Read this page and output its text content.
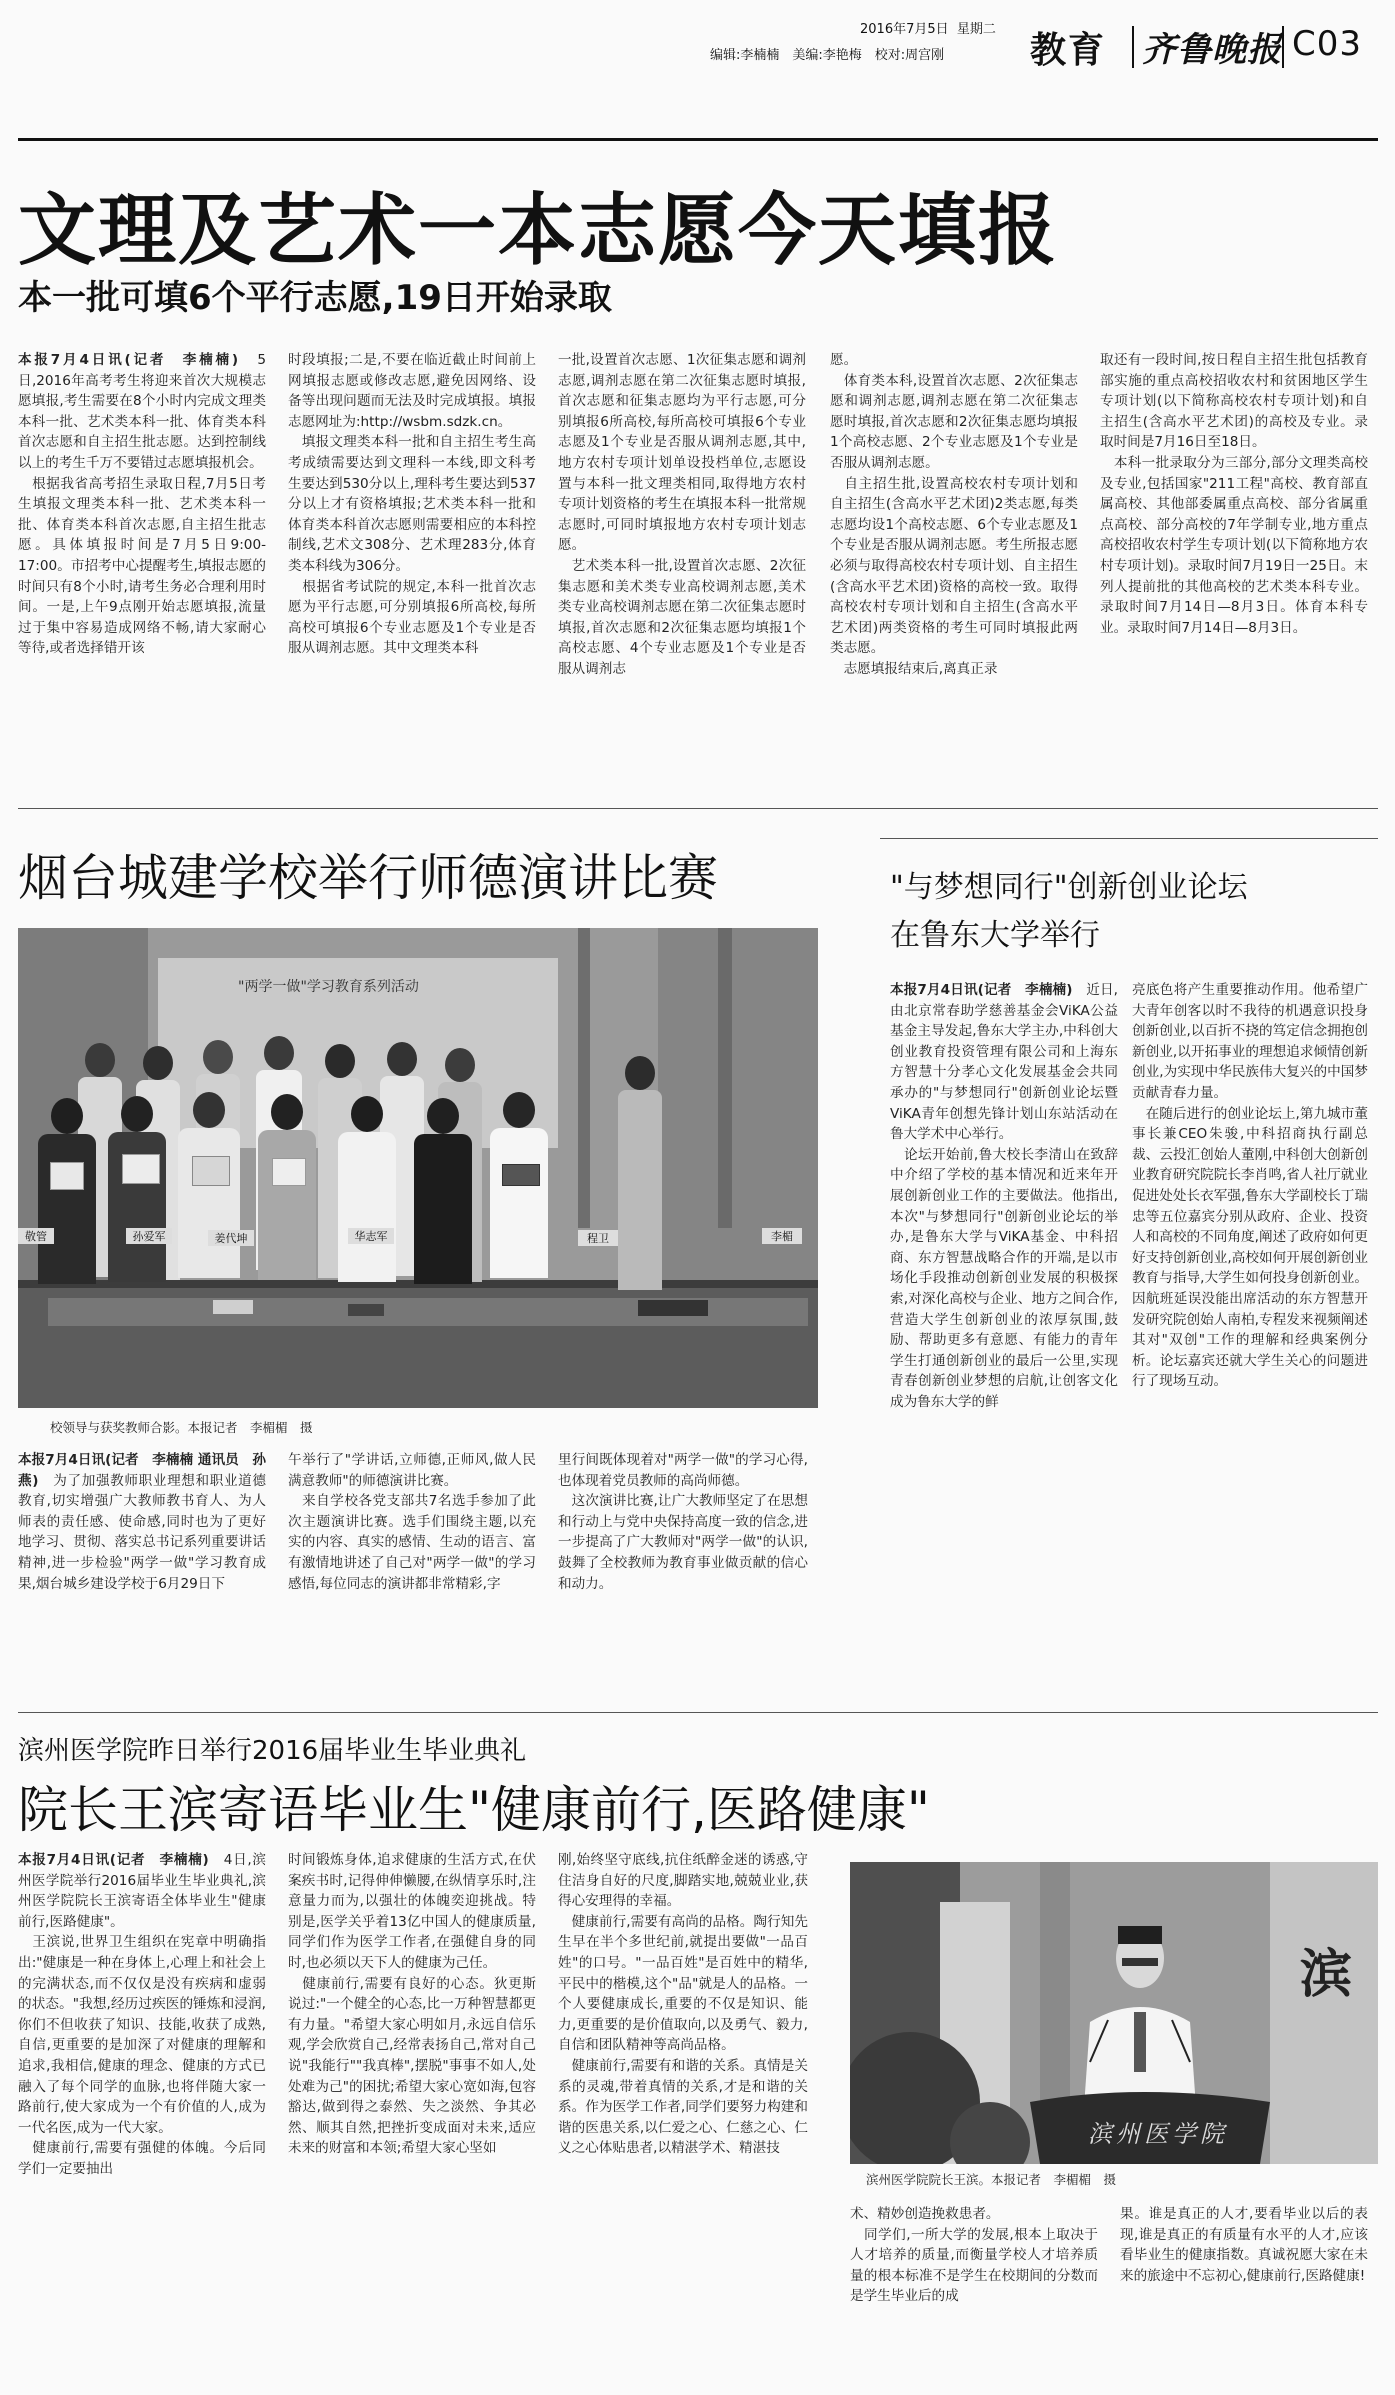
2016年7月5日 星期二
编辑:李楠楠　美编:李艳梅　校对:周宫刚 教育 齐鲁晚报 C03
文理及艺术一本志愿今天填报
本一批可填6个平行志愿,19日开始录取
本报7月4日讯(记者　李楠楠)　5日,2016年高考考生将迎来首次大规模志愿填报,考生需要在8个小时内完成文理类本科一批、艺术类本科一批、体育类本科首次志愿和自主招生批志愿。达到控制线以上的考生千万不要错过志愿填报机会。
　根据我省高考招生录取日程,7月5日考生填报文理类本科一批、艺术类本科一批、体育类本科首次志愿,自主招生批志愿。具体填报时间是7月5日9:00-17:00。市招考中心提醒考生,填报志愿的时间只有8个小时,请考生务必合理利用时间。一是,上午9点刚开始志愿填报,流量过于集中容易造成网络不畅,请大家耐心等待,或者选择错开该
时段填报;二是,不要在临近截止时间前上网填报志愿或修改志愿,避免因网络、设备等出现问题而无法及时完成填报。填报志愿网址为:http://wsbm.sdzk.cn。
　填报文理类本科一批和自主招生考生高考成绩需要达到文理科一本线,即文科考生要达到530分以上,理科考生要达到537分以上才有资格填报;艺术类本科一批和体育类本科首次志愿则需要相应的本科控制线,艺术文308分、艺术理283分,体育类本科线为306分。
　根据省考试院的规定,本科一批首次志愿为平行志愿,可分别填报6所高校,每所高校可填报6个专业志愿及1个专业是否服从调剂志愿。其中文理类本科
一批,设置首次志愿、1次征集志愿和调剂志愿,调剂志愿在第二次征集志愿时填报,首次志愿和征集志愿均为平行志愿,可分别填报6所高校,每所高校可填报6个专业志愿及1个专业是否服从调剂志愿,其中,地方农村专项计划单设投档单位,志愿设置与本科一批文理类相同,取得地方农村专项计划资格的考生在填报本科一批常规志愿时,可同时填报地方农村专项计划志愿。
　艺术类本科一批,设置首次志愿、2次征集志愿和美术类专业高校调剂志愿,美术类专业高校调剂志愿在第二次征集志愿时填报,首次志愿和2次征集志愿均填报1个高校志愿、4个专业志愿及1个专业是否服从调剂志
愿。
　体育类本科,设置首次志愿、2次征集志愿和调剂志愿,调剂志愿在第二次征集志愿时填报,首次志愿和2次征集志愿均填报1个高校志愿、2个专业志愿及1个专业是否服从调剂志愿。
　自主招生批,设置高校农村专项计划和自主招生(含高水平艺术团)2类志愿,每类志愿均设1个高校志愿、6个专业志愿及1个专业是否服从调剂志愿。考生所报志愿必须与取得高校农村专项计划、自主招生(含高水平艺术团)资格的高校一致。取得高校农村专项计划和自主招生(含高水平艺术团)两类资格的考生可同时填报此两类志愿。
　志愿填报结束后,离真正录
取还有一段时间,按日程自主招生批包括教育部实施的重点高校招收农村和贫困地区学生专项计划(以下简称高校农村专项计划)和自主招生(含高水平艺术团)的高校及专业。录取时间是7月16日至18日。
　本科一批录取分为三部分,部分文理类高校及专业,包括国家"211工程"高校、教育部直属高校、其他部委属重点高校、部分省属重点高校、部分高校的7年学制专业,地方重点高校招收农村学生专项计划(以下简称地方农村专项计划)。录取时间7月19日一25日。末列人提前批的其他高校的艺术类本科专业。录取时间7月14日—8月3日。体育本科专业。录取时间7月14日—8月3日。
烟台城建学校举行师德演讲比赛
"两学一做"学习教育系列活动
敬管	孙爱军	姜代坤	华志军	程卫	李楣
校领导与获奖教师合影。本报记者　李楣楣　摄
本报7月4日讯(记者　李楠楠 通讯员　孙燕)　为了加强教师职业理想和职业道德教育,切实增强广大教师教书育人、为人师表的责任感、使命感,同时也为了更好地学习、贯彻、落实总书记系列重要讲话精神,进一步检验"两学一做"学习教育成果,烟台城乡建设学校于6月29日下
午举行了"学讲话,立师德,正师风,做人民满意教师"的师德演讲比赛。
　来自学校各党支部共7名选手参加了此次主题演讲比赛。选手们围绕主题,以充实的内容、真实的感情、生动的语言、富有激情地讲述了自己对"两学一做"的学习感悟,每位同志的演讲都非常精彩,字
里行间既体现着对"两学一做"的学习心得,也体现着党员教师的高尚师德。
　这次演讲比赛,让广大教师坚定了在思想和行动上与党中央保持高度一致的信念,进一步提高了广大教师对"两学一做"的认识,鼓舞了全校教师为教育事业做贡献的信心和动力。
"与梦想同行"创新创业论坛
在鲁东大学举行
本报7月4日讯(记者　李楠楠)　近日,由北京常春助学慈善基金会ViKA公益基金主导发起,鲁东大学主办,中科创大创业教育投资管理有限公司和上海东方智慧十分孝心文化发展基金会共同承办的"与梦想同行"创新创业论坛暨ViKA青年创想先锋计划山东站活动在鲁大学术中心举行。
　论坛开始前,鲁大校长李清山在致辞中介绍了学校的基本情况和近来年开展创新创业工作的主要做法。他指出,本次"与梦想同行"创新创业论坛的举办,是鲁东大学与ViKA基金、中科招商、东方智慧战略合作的开端,是以市场化手段推动创新创业发展的积极探索,对深化高校与企业、地方之间合作,营造大学生创新创业的浓厚氛围,鼓励、帮助更多有意愿、有能力的青年学生打通创新创业的最后一公里,实现青春创新创业梦想的启航,让创客文化成为鲁东大学的鲜
亮底色将产生重要推动作用。他希望广大青年创客以时不我待的机遇意识投身创新创业,以百折不挠的笃定信念拥抱创新创业,以开拓事业的理想追求倾情创新创业,为实现中华民族伟大复兴的中国梦贡献青春力量。
　在随后进行的创业论坛上,第九城市董事长兼CEO朱骏,中科招商执行副总裁、云投汇创始人董刚,中科创大创新创业教育研究院院长李肖鸣,省人社厅就业促进处处长衣军强,鲁东大学副校长丁瑞忠等五位嘉宾分别从政府、企业、投资人和高校的不同角度,阐述了政府如何更好支持创新创业,高校如何开展创新创业教育与指导,大学生如何投身创新创业。因航班延误没能出席活动的东方智慧开发研究院创始人南柏,专程发来视频阐述其对"双创"工作的理解和经典案例分析。论坛嘉宾还就大学生关心的问题进行了现场互动。
滨州医学院昨日举行2016届毕业生毕业典礼
院长王滨寄语毕业生"健康前行,医路健康"
本报7月4日讯(记者　李楠楠)　4日,滨州医学院举行2016届毕业生毕业典礼,滨州医学院院长王滨寄语全体毕业生"健康前行,医路健康"。
　王滨说,世界卫生组织在宪章中明确指出:"健康是一种在身体上,心理上和社会上的完满状态,而不仅仅是没有疾病和虚弱的状态。"我想,经历过疾医的锤炼和浸润,你们不但收获了知识、技能,收获了成熟,自信,更重要的是加深了对健康的理解和追求,我相信,健康的理念、健康的方式已融入了每个同学的血脉,也将伴随大家一路前行,使大家成为一个有价值的人,成为一代名医,成为一代大家。
　健康前行,需要有强健的体魄。今后同学们一定要抽出
时间锻炼身体,追求健康的生活方式,在伏案疾书时,记得伸伸懒腰,在纵情享乐时,注意量力而为,以强壮的体魄奕迎挑战。特别是,医学关乎着13亿中国人的健康质量,同学们作为医学工作者,在强健自身的同时,也必须以天下人的健康为己任。
　健康前行,需要有良好的心态。狄更斯说过:"一个健全的心态,比一万种智慧都更有力量。"希望大家心明如月,永远自信乐观,学会欣赏自己,经常表扬自己,常对自己说"我能行""我真棒",摆脱"事事不如人,处处难为己"的困扰;希望大家心宽如海,包容豁达,做到得之泰然、失之淡然、争其必然、顺其自然,把挫折变成面对未来,适应未来的财富和本领;希望大家心坚如
刚,始终坚守底线,抗住纸醉金迷的诱惑,守住洁身自好的尺度,脚踏实地,兢兢业业,获得心安理得的幸福。
　健康前行,需要有高尚的品格。陶行知先生早在半个多世纪前,就提出要做"一品百姓"的口号。"一品百姓"是百姓中的精华,平民中的楷模,这个"品"就是人的品格。一个人要健康成长,重要的不仅是知识、能力,更重要的是价值取向,以及勇气、毅力,自信和团队精神等高尚品格。
　健康前行,需要有和谐的关系。真情是关系的灵魂,带着真情的关系,才是和谐的关系。作为医学工作者,同学们要努力构建和谐的医患关系,以仁爱之心、仁慈之心、仁义之心体贴患者,以精湛学术、精湛技
滨州医学院
滨
滨州医学院院长王滨。本报记者　李楣楣　摄
术、精妙创造挽救患者。
　同学们,一所大学的发展,根本上取决于人才培养的质量,而衡量学校人才培养质量的根本标准不是学生在校期间的分数而是学生毕业后的成
果。谁是真正的人才,要看毕业以后的表现,谁是真正的有质量有水平的人才,应该看毕业生的健康指数。真诚祝愿大家在未来的旅途中不忘初心,健康前行,医路健康!
